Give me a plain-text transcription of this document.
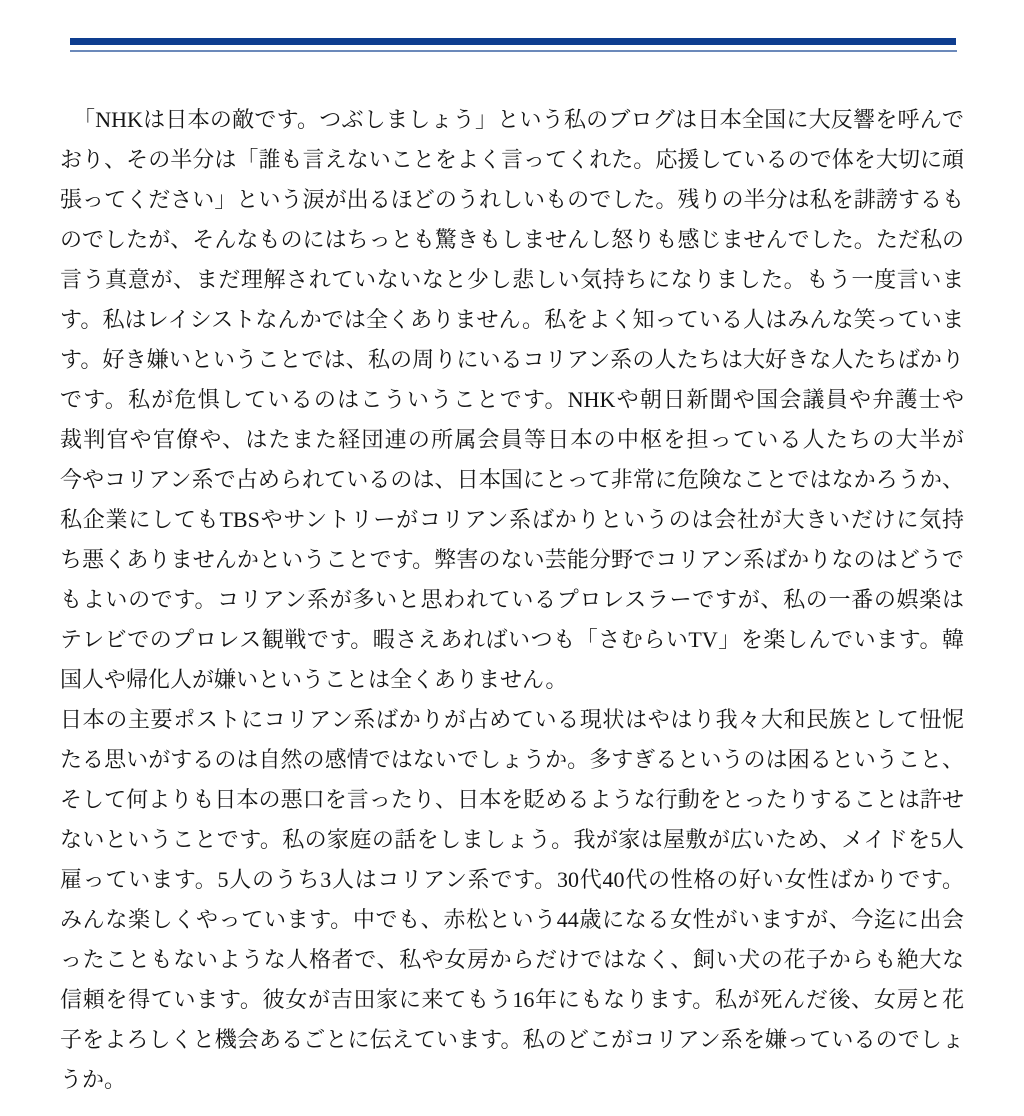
「NHKは日本の敵です。つぶしましょう」という私のブログは日本全国に大反響を呼んで
おり、その半分は「誰も言えないことをよく言ってくれた。応援しているので体を大切に頑
張ってください」という涙が出るほどのうれしいものでした。残りの半分は私を誹謗するも
のでしたが、そんなものにはちっとも驚きもしませんし怒りも感じませんでした。ただ私の
言う真意が、まだ理解されていないなと少し悲しい気持ちになりました。もう一度言いま
す。私はレイシストなんかでは全くありません。私をよく知っている人はみんな笑っていま
す。好き嫌いということでは、私の周りにいるコリアン系の人たちは大好きな人たちばかり
です。私が危惧しているのはこういうことです。NHKや朝日新聞や国会議員や弁護士や
裁判官や官僚や、はたまた経団連の所属会員等日本の中枢を担っている人たちの大半が
今やコリアン系で占められているのは、日本国にとって非常に危険なことではなかろうか、
私企業にしてもTBSやサントリーがコリアン系ばかりというのは会社が大きいだけに気持
ち悪くありませんかということです。弊害のない芸能分野でコリアン系ばかりなのはどうで
もよいのです。コリアン系が多いと思われているプロレスラーですが、私の一番の娯楽は
テレビでのプロレス観戦です。暇さえあればいつも「さむらいTV」を楽しんでいます。韓
国人や帰化人が嫌いということは全くありません。
日本の主要ポストにコリアン系ばかりが占めている現状はやはり我々大和民族として忸怩
たる思いがするのは自然の感情ではないでしょうか。多すぎるというのは困るということ、
そして何よりも日本の悪口を言ったり、日本を貶めるような行動をとったりすることは許せ
ないということです。私の家庭の話をしましょう。我が家は屋敷が広いため、メイドを5人
雇っています。5人のうち3人はコリアン系です。30代40代の性格の好い女性ばかりです。
みんな楽しくやっています。中でも、赤松という44歳になる女性がいますが、今迄に出会
ったこともないような人格者で、私や女房からだけではなく、飼い犬の花子からも絶大な
信頼を得ています。彼女が吉田家に来てもう16年にもなります。私が死んだ後、女房と花
子をよろしくと機会あるごとに伝えています。私のどこがコリアン系を嫌っているのでしょ
うか。
